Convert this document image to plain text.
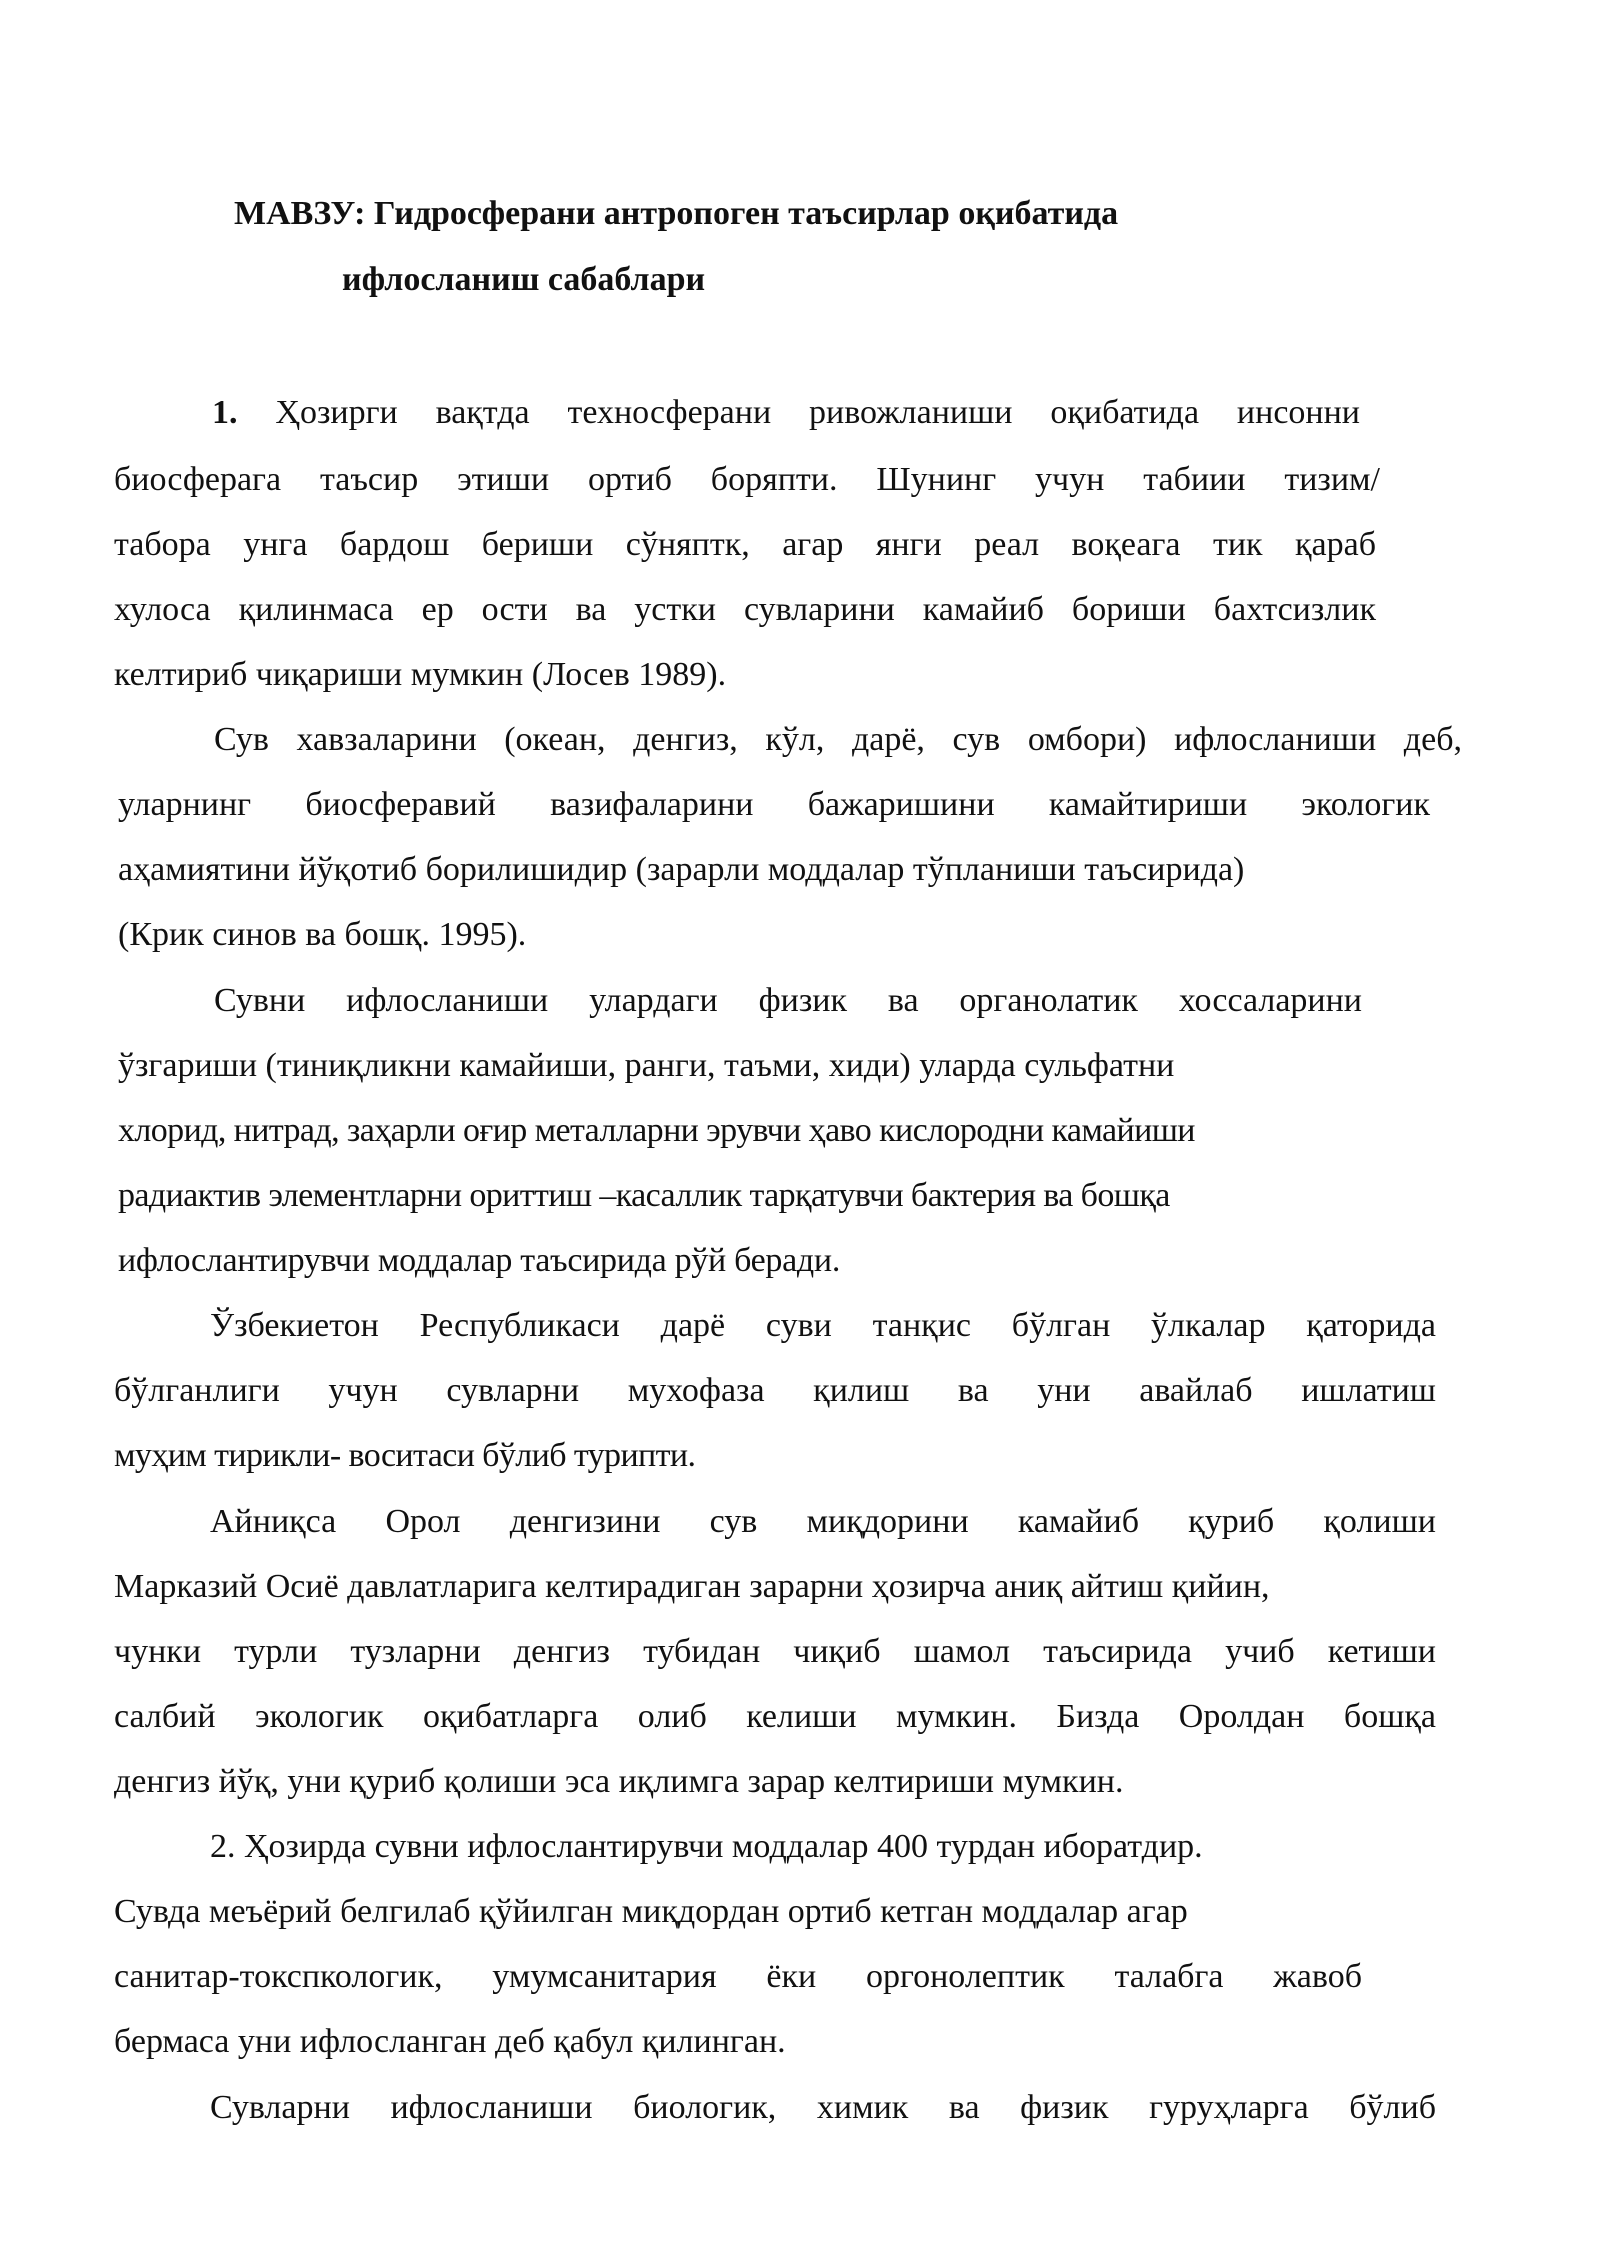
МАВЗУ: Гидросферани антропоген таъсирлар оқибатида
ифлосланиш сабаблари
1. Ҳозирги вақтда техносферани ривожланиши оқибатида инсонни
биосферага таъсир этиши ортиб боряпти. Шунинг учун табиии тизим/
табора унга бардош бериши сўняптк, агар янги реал воқеага тик қараб
хулоса қилинмаса ер ости ва устки сувларини камайиб бориши бахтсизлик
келтириб чиқариши мумкин (Лосев 1989).
Сув хавзаларини (океан, денгиз, кўл, дарё, сув омбори) ифлосланиши деб,
уларнинг биосферавий вазифаларини бажаришини камайтириши экологик
аҳамиятини йўқотиб борилишидир (зарарли моддалар тўпланиши таъсирида)
(Крик синов ва бошқ. 1995).
Сувни ифлосланиши улардаги физик ва органолатик хоссаларини
ўзгариши (тиниқликни камайиши, ранги, таъми, хиди) уларда сульфатни
хлорид, нитрад, заҳарли оғир металларни эрувчи ҳаво кислородни камайиши
радиактив элементларни ориттиш –касаллик тарқатувчи бактерия ва бошқа
ифлослантирувчи моддалар таъсирида рўй беради.
Ўзбекиетон Республикаси дарё суви танқис бўлган ўлкалар қаторида
бўлганлиги учун сувларни мухофаза қилиш ва уни авайлаб ишлатиш
муҳим тирикли- воситаси бўлиб турипти.
Айниқса Орол денгизини сув миқдорини камайиб қуриб қолиши
Марказий Осиё давлатларига келтирадиган зарарни ҳозирча аниқ айтиш қийин,
чунки турли тузларни денгиз тубидан чиқиб шамол таъсирида учиб кетиши
салбий экологик оқибатларга олиб келиши мумкин. Бизда Оролдан бошқа
денгиз йўқ, уни қуриб қолиши эса иқлимга зарар келтириши мумкин.
2. Ҳозирда сувни ифлослантирувчи моддалар 400 турдан иборатдир.
Сувда меъёрий белгилаб қўйилган миқдордан ортиб кетган моддалар агар
санитар-токспкологик, умумсанитария ёки оргонолептик талабга жавоб
бермаса уни ифлосланган деб қабул қилинган.
Сувларни ифлосланиши биологик, химик ва физик гуруҳларга бўлиб
